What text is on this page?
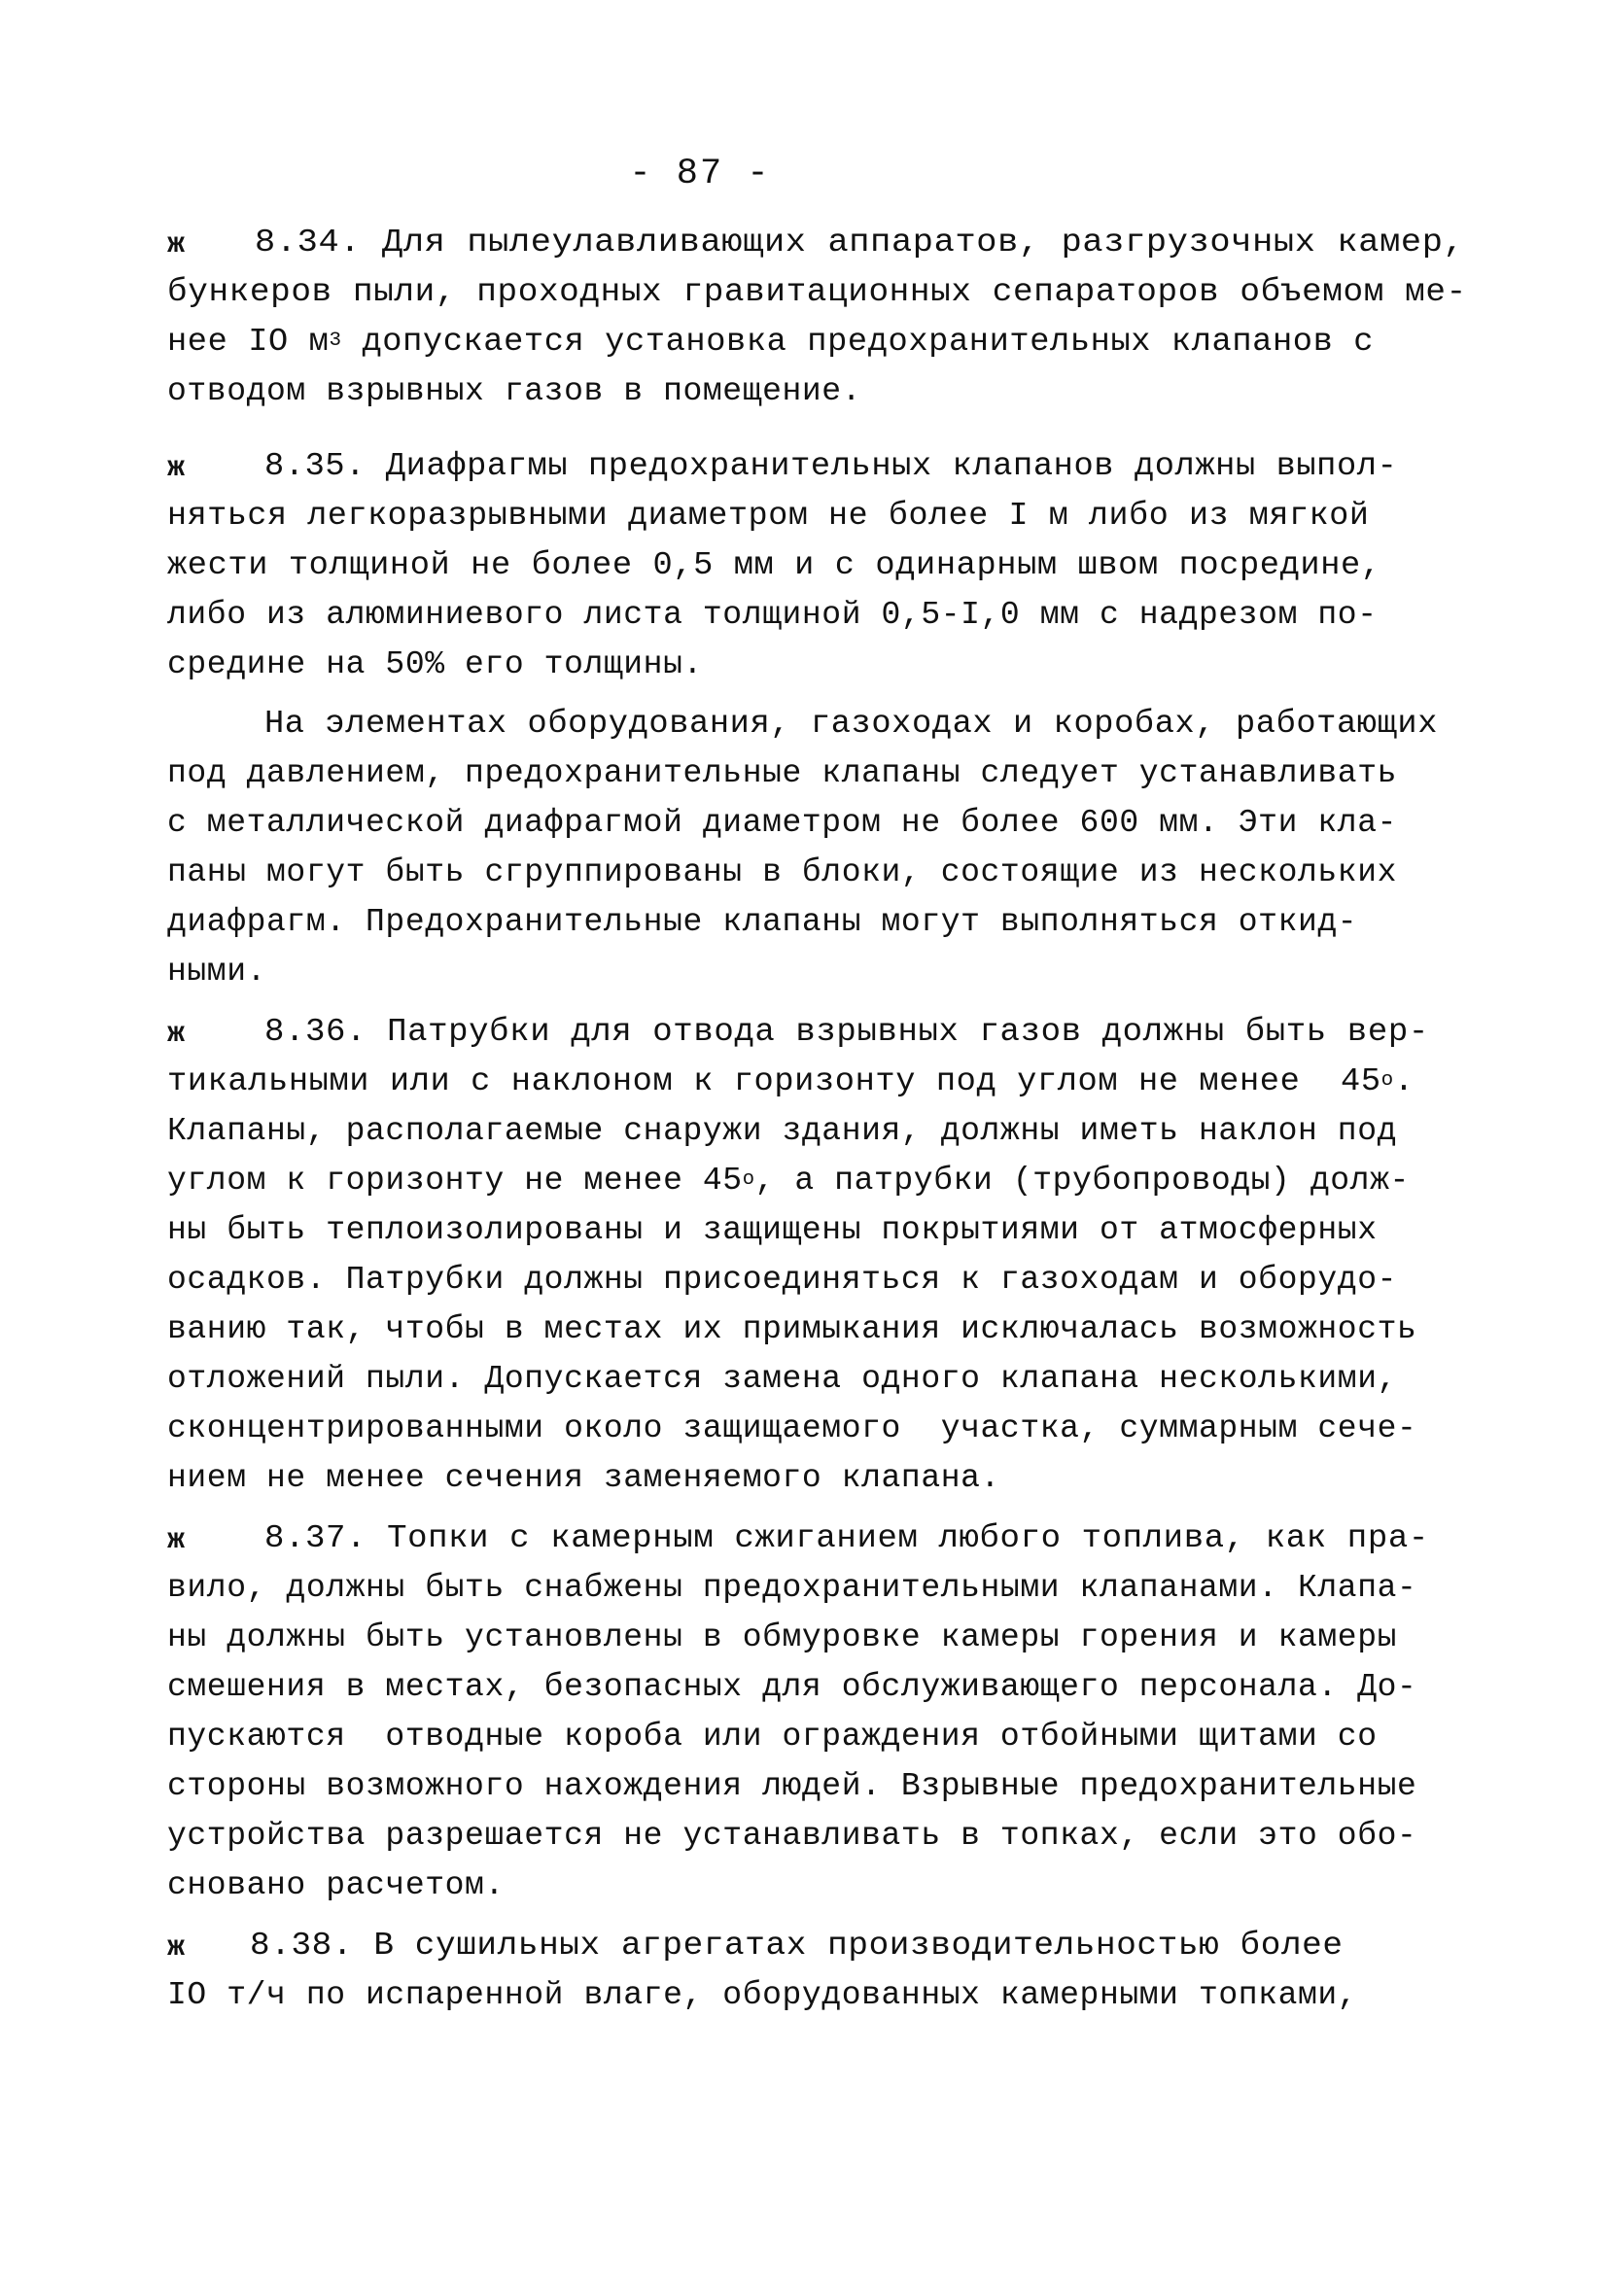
- 87 -
ж 8.34. Для пылеулавливающих аппаратов, разгрузочных камер,
бункеров пыли, проходных гравитационных сепараторов объемом ме-
нее IO $м^3$ допускается установка предохранительных клапанов с
отводом взрывных газов в помещение.
ж 8.35. Диафрагмы предохранительных клапанов должны выпол-
няться легкоразрывными диаметром не более I м либо из мягкой
жести толщиной не более 0,5 мм и с одинарным швом посредине,
либо из алюминиевого листа толщиной 0,5-I,0 мм с надрезом по-
средине на 50% его толщины.
На элементах оборудования, газоходах и коробах, работающих
под давлением, предохранительные клапаны следует устанавливать
с металлической диафрагмой диаметром не более 600 мм. Эти кла-
паны могут быть сгруппированы в блоки, состоящие из нескольких
диафрагм. Предохранительные клапаны могут выполняться откид-
ными.
ж 8.36. Патрубки для отвода взрывных газов должны быть вер-
тикальными или с наклоном к горизонту под углом не менее  45$^o$.
Клапаны, располагаемые снаружи здания, должны иметь наклон под
углом к горизонту не менее 45$^o$, а патрубки (трубопроводы) долж-
ны быть теплоизолированы и защищены покрытиями от атмосферных
осадков. Патрубки должны присоединяться к газоходам и оборудо-
ванию так, чтобы в местах их примыкания исключалась возможность
отложений пыли. Допускается замена одного клапана несколькими,
сконцентрированными около защищаемого  участка, суммарным сече-
нием не менее сечения заменяемого клапана.
ж 8.37. Топки с камерным сжиганием любого топлива, как пра-
вило, должны быть снабжены предохранительными клапанами. Клапа-
ны должны быть установлены в обмуровке камеры горения и камеры
смешения в местах, безопасных для обслуживающего персонала. До-
пускаются  отводные короба или ограждения отбойными щитами со
стороны возможного нахождения людей. Взрывные предохранительные
устройства разрешается не устанавливать в топках, если это обо-
сновано расчетом.
ж 8.38. В сушильных агрегатах производительностью более
IO т/ч по испаренной влаге, оборудованных камерными топками,
